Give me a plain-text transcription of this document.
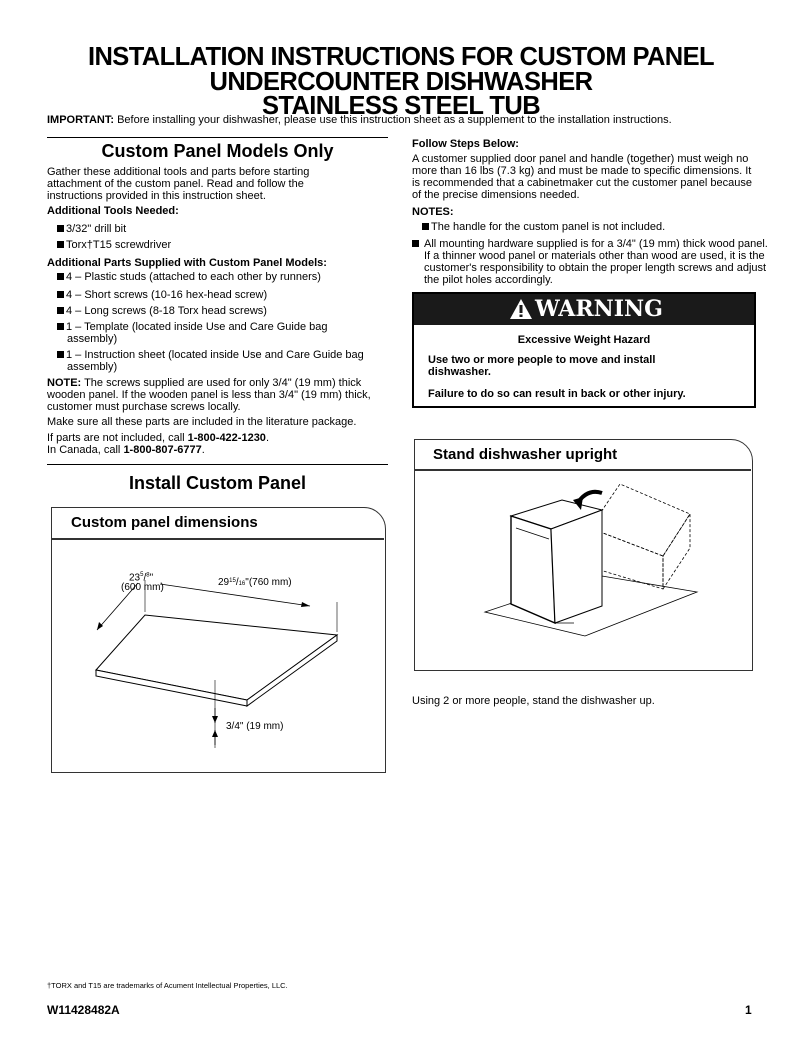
INSTALLATION INSTRUCTIONS FOR CUSTOM PANEL
UNDERCOUNTER DISHWASHER
STAINLESS STEEL TUB
IMPORTANT: Before installing your dishwasher, please use this instruction sheet as a supplement to the installation instructions.
Custom Panel Models Only
Gather these additional tools and parts before starting attachment of the custom panel. Read and follow the instructions provided in this instruction sheet.
Additional Tools Needed:
3/32" drill bit
Torx†T15 screwdriver
Additional Parts Supplied with Custom Panel Models:
4 – Plastic studs (attached to each other by runners)
4 – Short screws (10-16 hex-head screw)
4 – Long screws (8-18 Torx head screws)
1 – Template (located inside Use and Care Guide bag assembly)
1 – Instruction sheet (located inside Use and Care Guide bag assembly)
NOTE: The screws supplied are used for only 3/4" (19 mm) thick wooden panel. If the wooden panel is less than 3/4" (19 mm) thick, customer must purchase screws locally.
Make sure all these parts are included in the literature package.
If parts are not included, call 1-800-422-1230.
In Canada, call 1-800-807-6777.
Install Custom Panel
Custom panel dimensions
$23^5/_8$"
(600 mm)	$29^{15}/16"(760$ mm)
3/4" (19 mm)
Follow Steps Below:
A customer supplied door panel and handle (together) must weigh no more than 16 lbs (7.3 kg) and must be made to specific dimensions. It is recommended that a cabinetmaker cut the customer panel because of the precise dimensions needed.
NOTES:
The handle for the custom panel is not included.
All mounting hardware supplied is for a 3/4" (19 mm) thick wood panel. If a thinner wood panel or materials other than wood are used, it is the customer's responsibility to obtain the proper length screws and adjust the pilot holes accordingly.
WARNING
Excessive Weight Hazard
Use two or more people to move and install dishwasher.
Failure to do so can result in back or other injury.
Stand dishwasher upright
Using 2 or more people, stand the dishwasher up.
†TORX and T15 are trademarks of Acument Intellectual Properties, LLC.
W11428482A	1
